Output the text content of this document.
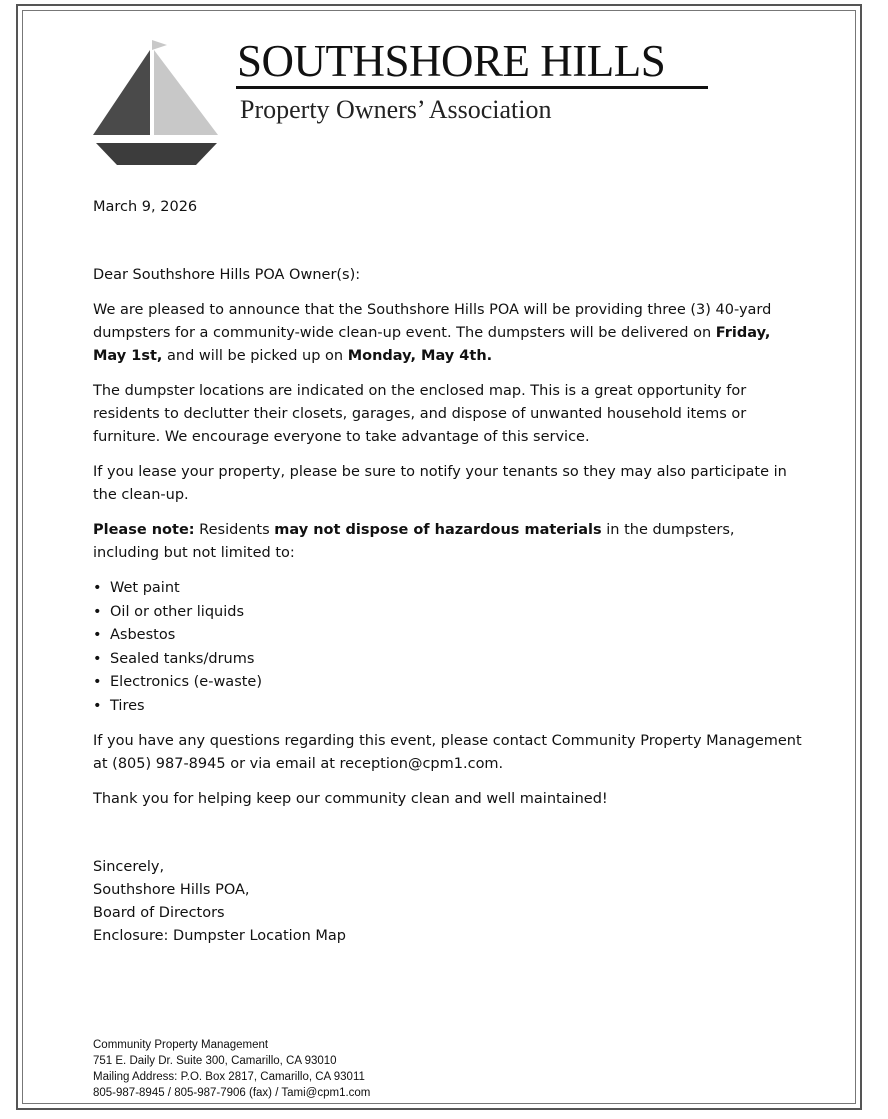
SOUTHSHORE HILLS
Property Owners’ Association

March 9, 2026

Dear Southshore Hills POA Owner(s):

We are pleased to announce that the Southshore Hills POA will be providing three (3) 40-yard dumpsters for a community-wide clean-up event. The dumpsters will be delivered on Friday, May 1st, and will be picked up on Monday, May 4th.

The dumpster locations are indicated on the enclosed map. This is a great opportunity for residents to declutter their closets, garages, and dispose of unwanted household items or furniture. We encourage everyone to take advantage of this service.

If you lease your property, please be sure to notify your tenants so they may also participate in the clean-up.

Please note: Residents may not dispose of hazardous materials in the dumpsters, including but not limited to:

• Wet paint
• Oil or other liquids
• Asbestos
• Sealed tanks/drums
• Electronics (e-waste)
• Tires

If you have any questions regarding this event, please contact Community Property Management at (805) 987-8945 or via email at reception@cpm1.com.

Thank you for helping keep our community clean and well maintained!

Sincerely,

Southshore Hills POA,

Board of Directors

Enclosure: Dumpster Location Map

Community Property Management
751 E. Daily Dr. Suite 300, Camarillo, CA 93010
Mailing Address: P.O. Box 2817, Camarillo, CA 93011
805-987-8945 / 805-987-7906 (fax) / Tami@cpm1.com
